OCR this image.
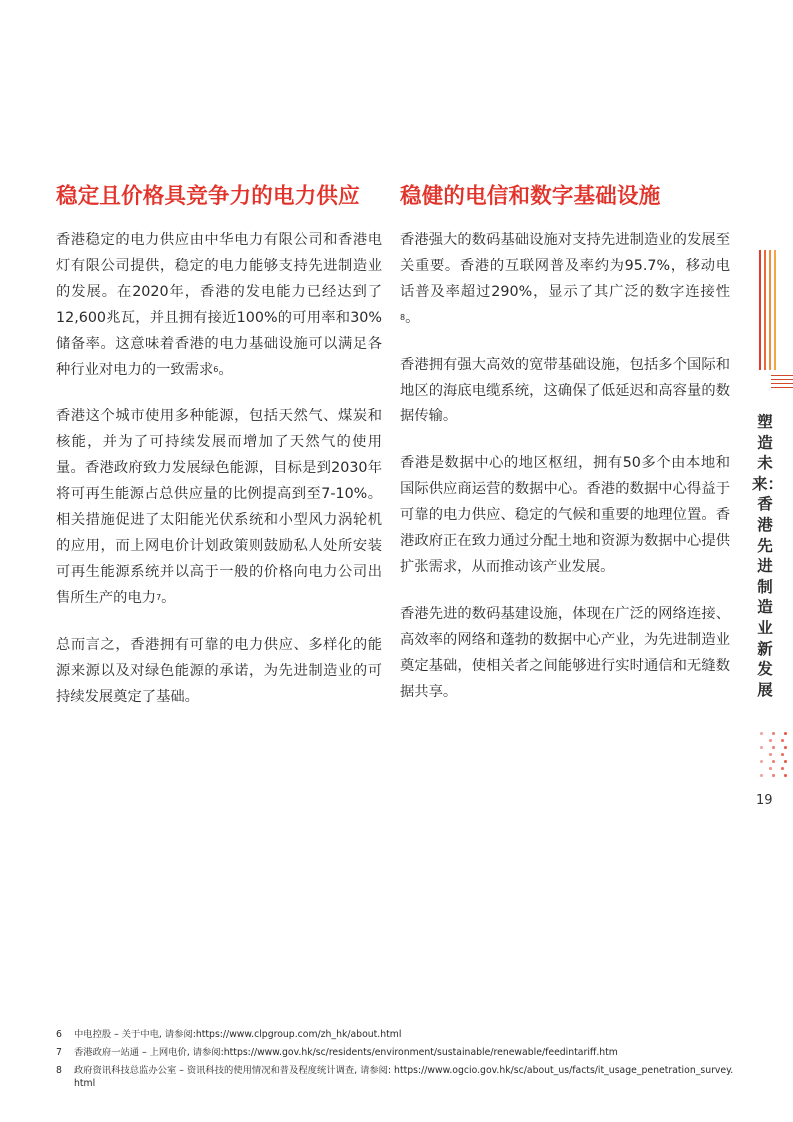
稳定且价格具竞争力的电力供应

香港稳定的电力供应由中华电力有限公司和香港电灯有限公司提供，稳定的电力能够支持先进制造业的发展。在2020年，香港的发电能力已经达到了12,600兆瓦，并且拥有接近100%的可用率和30%储备率。这意味着香港的电力基础设施可以满足各种行业对电力的一致需求$^6$。

香港这个城市使用多种能源，包括天然气、煤炭和核能，并为了可持续发展而增加了天然气的使用量。香港政府致力发展绿色能源，目标是到2030年将可再生能源占总供应量的比例提高到至7-10%。相关措施促进了太阳能光伏系统和小型风力涡轮机的应用，而上网电价计划政策则鼓励私人处所安装可再生能源系统并以高于一般的价格向电力公司出售所生产的电力$^7$。

总而言之，香港拥有可靠的电力供应、多样化的能源来源以及对绿色能源的承诺，为先进制造业的可持续发展奠定了基础。

稳健的电信和数字基础设施

香港强大的数码基础设施对支持先进制造业的发展至关重要。香港的互联网普及率约为95.7%，移动电话普及率超过290%，显示了其广泛的数字连接性$^8$。

香港拥有强大高效的宽带基础设施，包括多个国际和地区的海底电缆系统，这确保了低延迟和高容量的数据传输。

香港是数据中心的地区枢纽，拥有50多个由本地和国际供应商运营的数据中心。香港的数据中心得益于可靠的电力供应、稳定的气候和重要的地理位置。香港政府正在致力通过分配土地和资源为数据中心提供扩张需求，从而推动该产业发展。

香港先进的数码基建设施，体现在广泛的网络连接、高效率的网络和蓬勃的数据中心产业，为先进制造业奠定基础，使相关者之间能够进行实时通信和无缝数据共享。

塑造未来：香港先进制造业新发展
19
6	中电控股 – 关于中电, 请参阅:https://www.clpgroup.com/zh_hk/about.html
7	香港政府一站通 – 上网电价, 请参阅:https://www.gov.hk/sc/residents/environment/sustainable/renewable/feedintariff.htm
8	政府资讯科技总监办公室 – 资讯科技的使用情况和普及程度统计调查, 请参阅: https://www.ogcio.gov.hk/sc/about_us/facts/it_usage_penetration_survey.html
